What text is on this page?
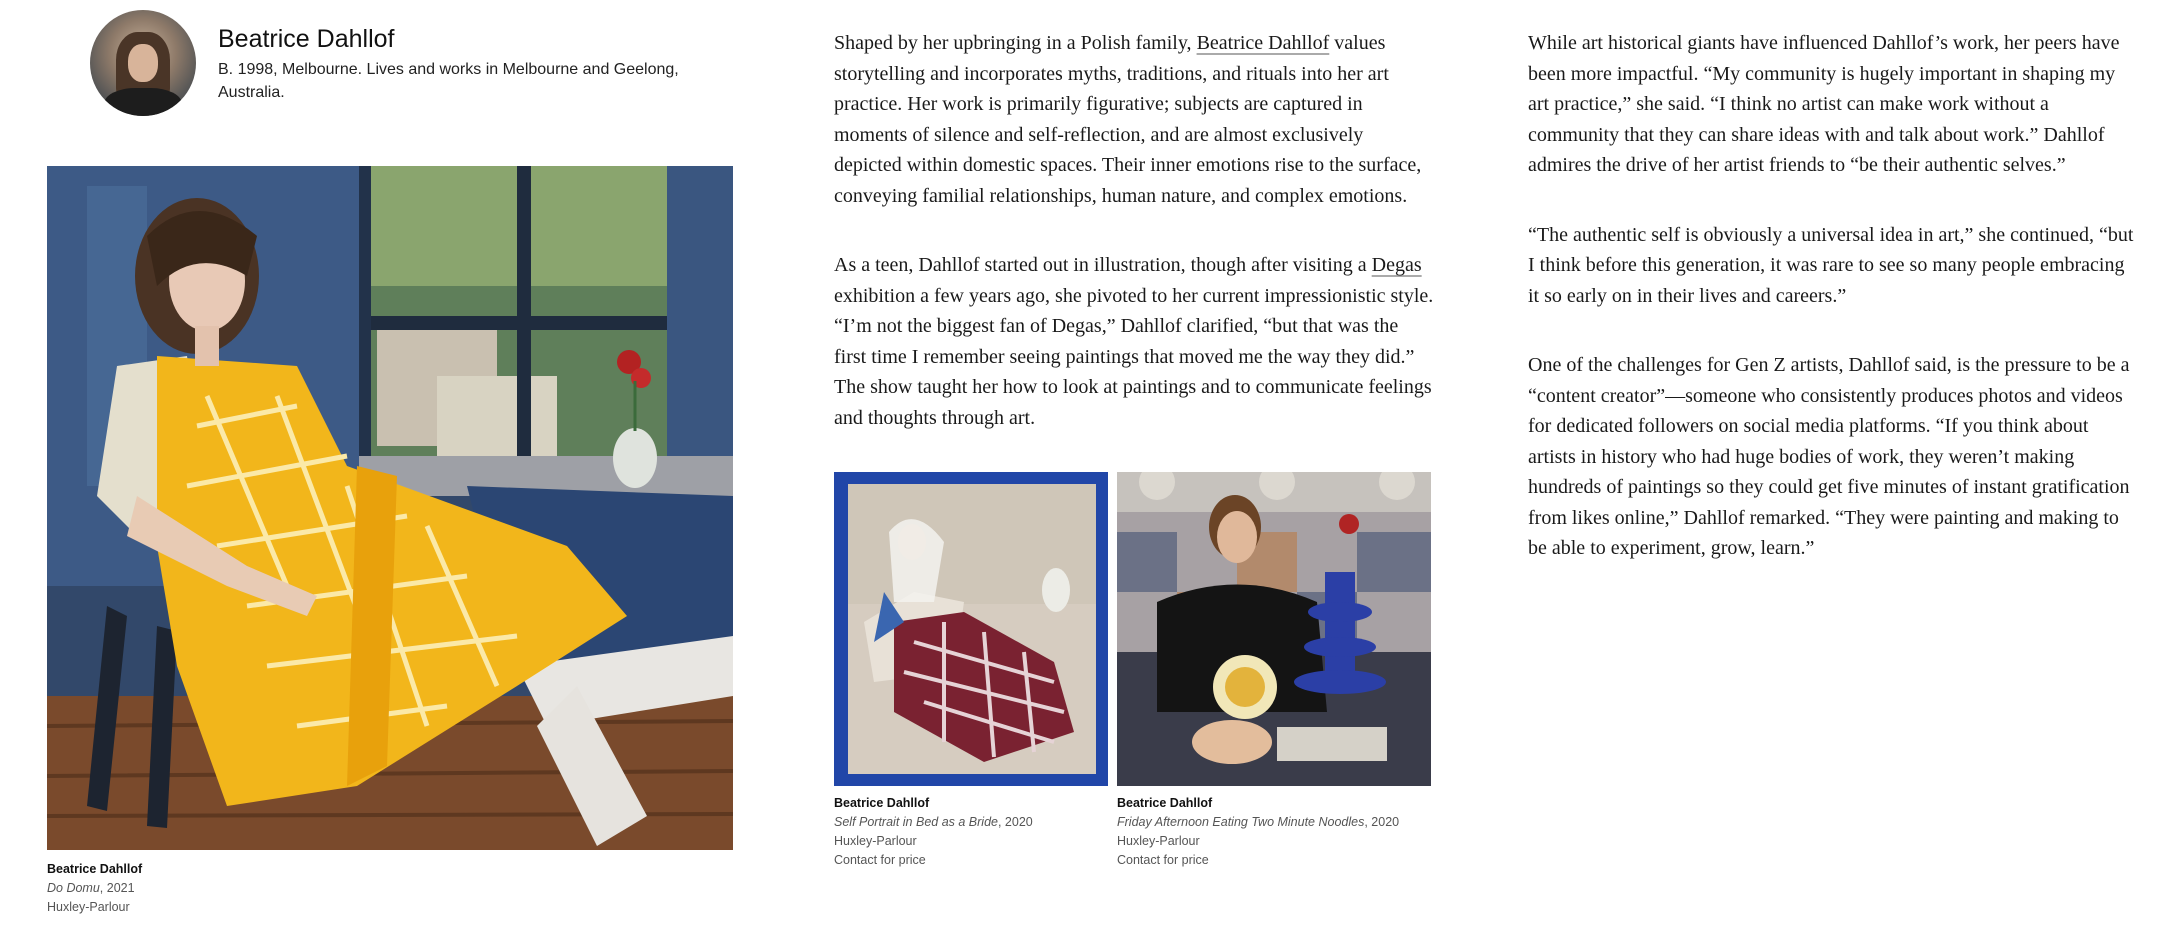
Beatrice Dahllof
B. 1998, Melbourne. Lives and works in Melbourne and Geelong, Australia.
Beatrice Dahllof
Do Domu, 2021
Huxley-Parlour

Shaped by her upbringing in a Polish family, Beatrice Dahllof values storytelling and incorporates myths, traditions, and rituals into her art practice. Her work is primarily figurative; subjects are captured in moments of silence and self-reflection, and are almost exclusively depicted within domestic spaces. Their inner emotions rise to the surface, conveying familial relationships, human nature, and complex emotions.

As a teen, Dahllof started out in illustration, though after visiting a Degas exhibition a few years ago, she pivoted to her current impressionistic style. “I’m not the biggest fan of Degas,” Dahllof clarified, “but that was the first time I remember seeing paintings that moved me the way they did.” The show taught her how to look at paintings and to communicate feelings and thoughts through art.

Beatrice Dahllof
Self Portrait in Bed as a Bride, 2020
Huxley-Parlour
Contact for price
Beatrice Dahllof
Friday Afternoon Eating Two Minute Noodles, 2020
Huxley-Parlour
Contact for price

While art historical giants have influenced Dahllof’s work, her peers have been more impactful. “My community is hugely important in shaping my art practice,” she said. “I think no artist can make work without a community that they can share ideas with and talk about work.” Dahllof admires the drive of her artist friends to “be their authentic selves.”

“The authentic self is obviously a universal idea in art,” she continued, “but I think before this generation, it was rare to see so many people embracing it so early on in their lives and careers.”

One of the challenges for Gen Z artists, Dahllof said, is the pressure to be a “content creator”—someone who consistently produces photos and videos for dedicated followers on social media platforms. “If you think about artists in history who had huge bodies of work, they weren’t making hundreds of paintings so they could get five minutes of instant gratification from likes online,” Dahllof remarked. “They were painting and making to be able to experiment, grow, learn.”
